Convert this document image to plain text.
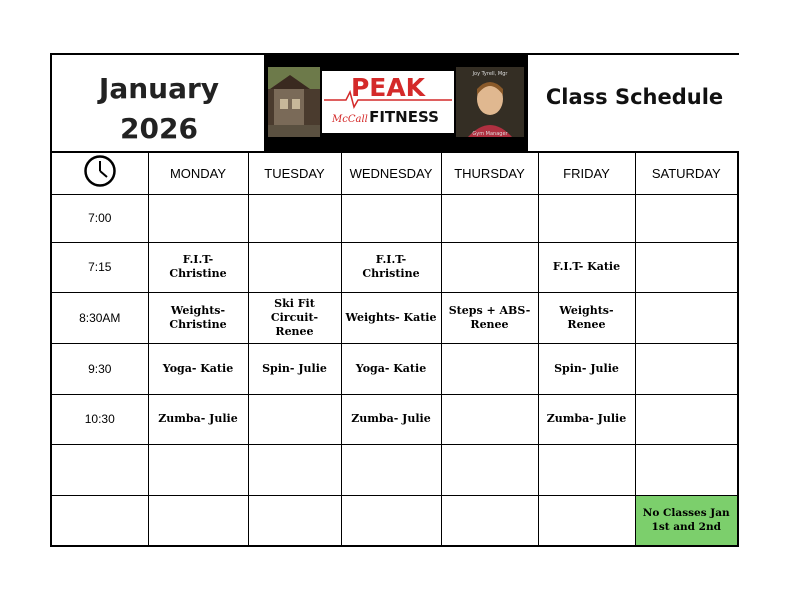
January
2026
PEAK
McCall FITNESS
Joy Tyrell, Mgr
Gym Manager
Class Schedule
	MONDAY	TUESDAY	WEDNESDAY	THURSDAY	FRIDAY	SATURDAY
7:00						
7:15	F.I.T- Christine		F.I.T- Christine		F.I.T- Katie	
8:30AM	Weights- Christine	Ski Fit Circuit- Renee	Weights- Katie	Steps + ABS- Renee	Weights- Renee	
9:30	Yoga- Katie	Spin- Julie	Yoga- Katie		Spin- Julie	
10:30	Zumba- Julie		Zumba- Julie		Zumba- Julie	

						No Classes Jan 1st and 2nd
